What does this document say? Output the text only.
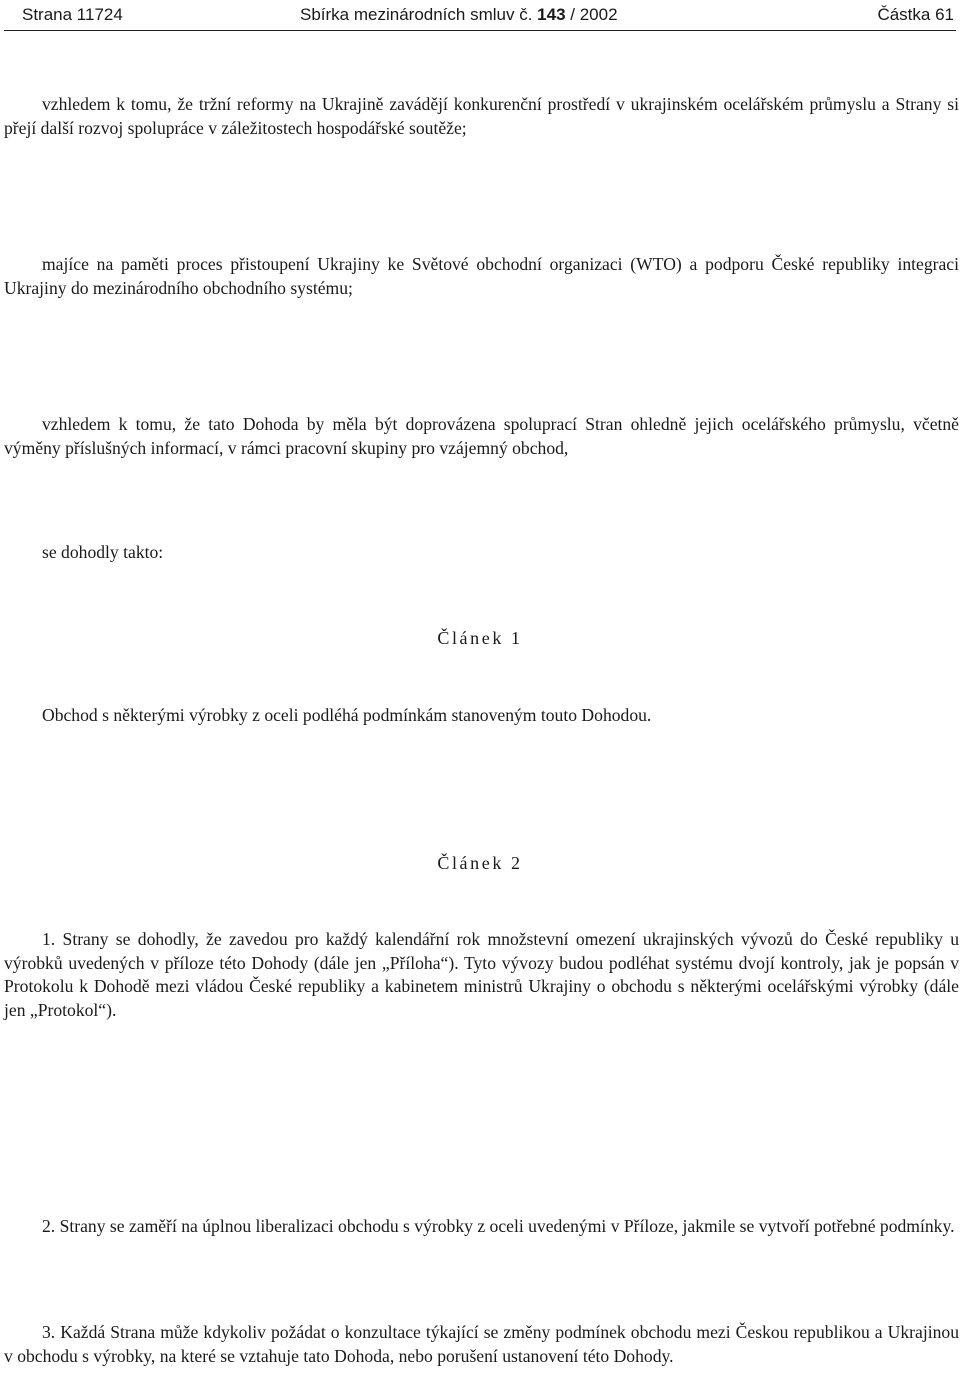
Strana 11724	Sbírka mezinárodních smluv č. 143 / 2002	Částka 61
vzhledem k tomu, že tržní reformy na Ukrajině zavádějí konkurenční prostředí v ukrajinském ocelářském průmyslu a Strany si přejí další rozvoj spolupráce v záležitostech hospodářské soutěže;
majíce na paměti proces přistoupení Ukrajiny ke Světové obchodní organizaci (WTO) a podporu České republiky integraci Ukrajiny do mezinárodního obchodního systému;
vzhledem k tomu, že tato Dohoda by měla být doprovázena spoluprací Stran ohledně jejich ocelářského průmyslu, včetně výměny příslušných informací, v rámci pracovní skupiny pro vzájemný obchod,
se dohodly takto:
Článek 1
Obchod s některými výrobky z oceli podléhá podmínkám stanoveným touto Dohodou.
Článek 2
1. Strany se dohodly, že zavedou pro každý kalendářní rok množstevní omezení ukrajinských vývozů do České republiky u výrobků uvedených v příloze této Dohody (dále jen „Příloha“). Tyto vývozy budou podléhat systému dvojí kontroly, jak je popsán v Protokolu k Dohodě mezi vládou České republiky a kabinetem ministrů Ukrajiny o obchodu s některými ocelářskými výrobky (dále jen „Protokol“).
2. Strany se zaměří na úplnou liberalizaci obchodu s výrobky z oceli uvedenými v Příloze, jakmile se vytvoří potřebné podmínky.
3. Každá Strana může kdykoliv požádat o konzultace týkající se změny podmínek obchodu mezi Českou republikou a Ukrajinou v obchodu s výrobky, na které se vztahuje tato Dohoda, nebo porušení ustanovení této Dohody.
